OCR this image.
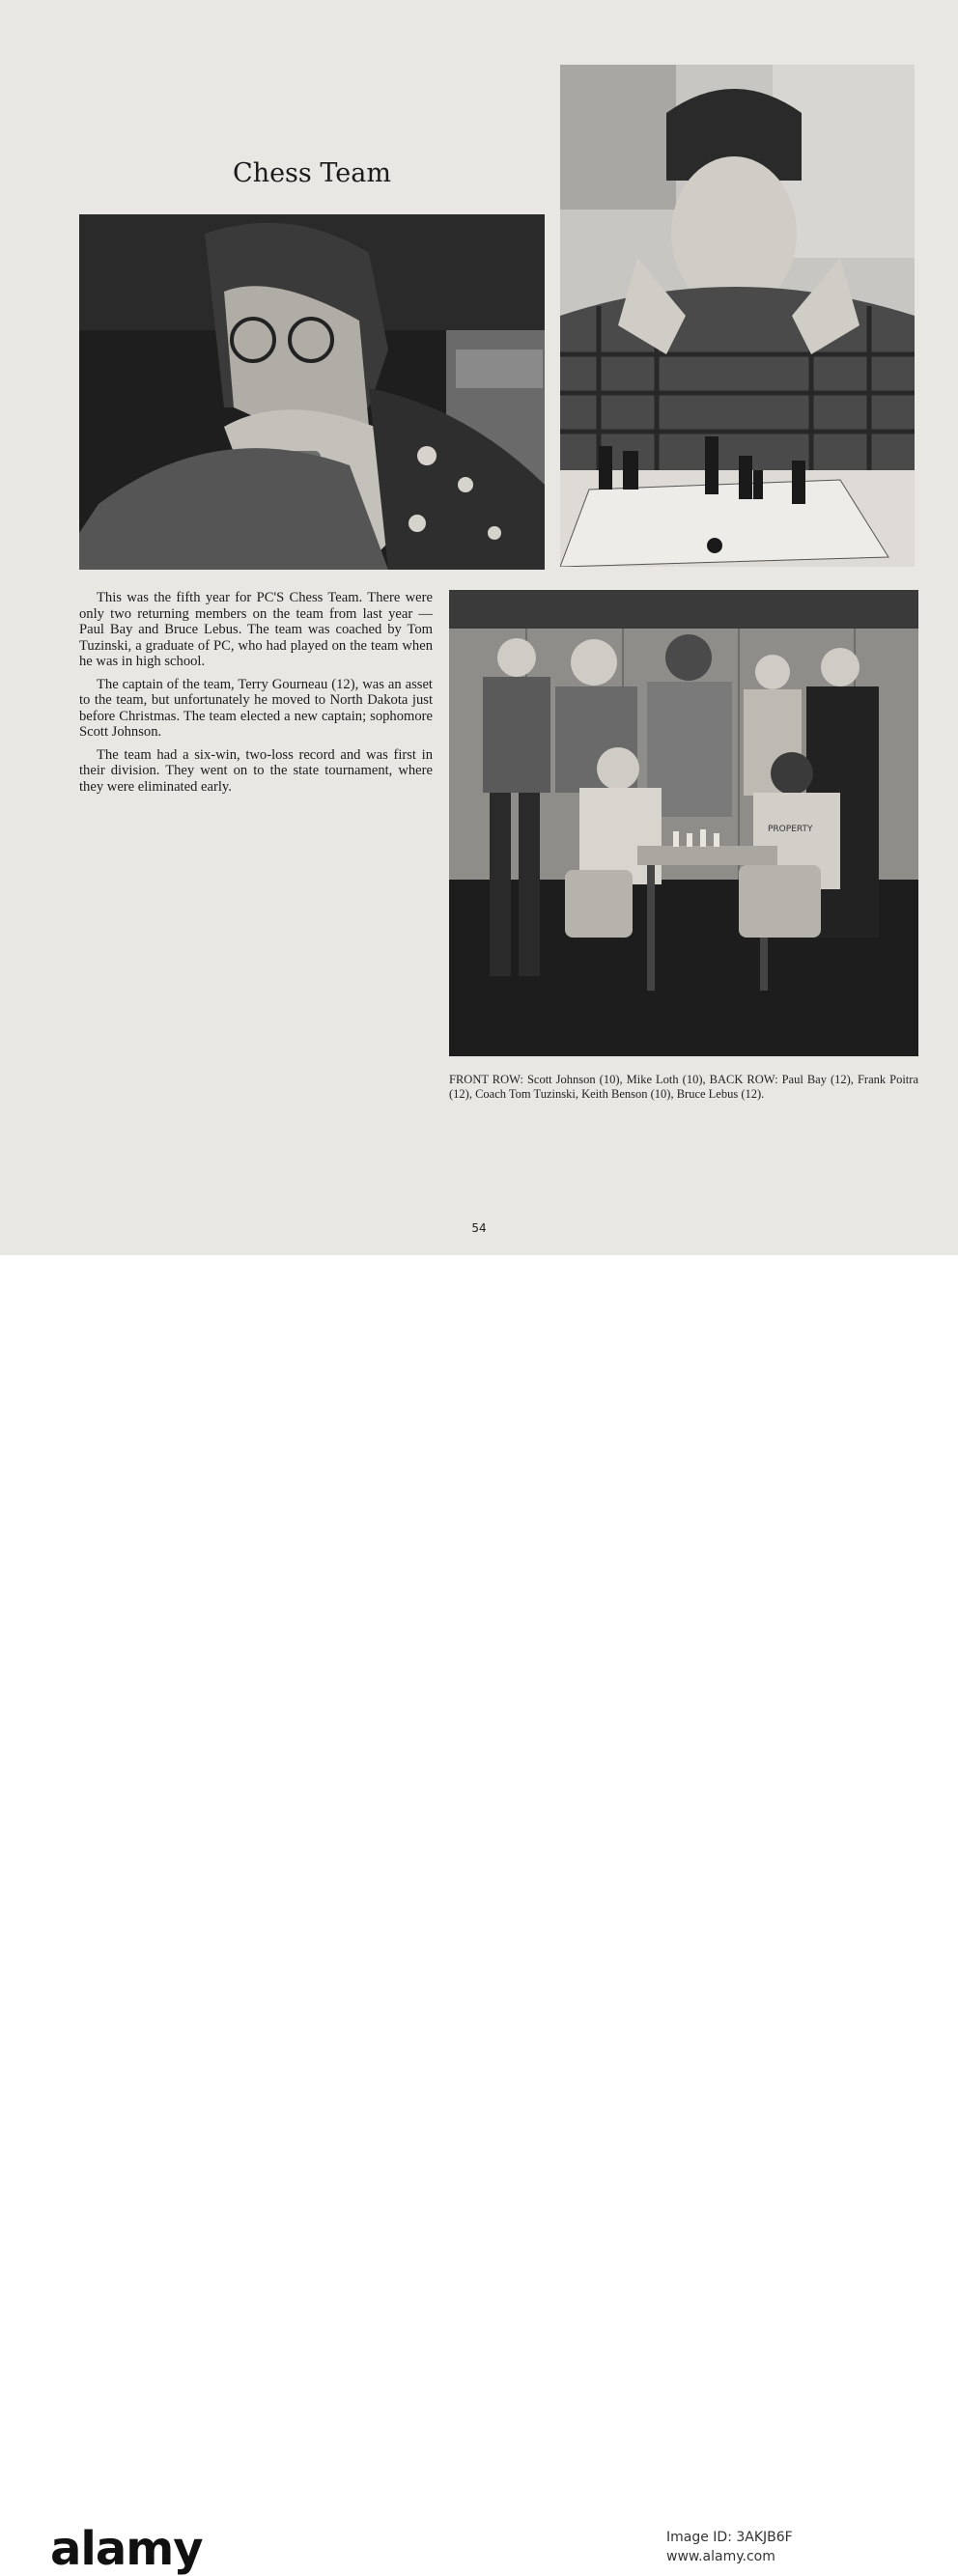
Chess Team

This was the fifth year for PC'S Chess Team. There were only two returning members on the team from last year — Paul Bay and Bruce Lebus. The team was coached by Tom Tuzinski, a graduate of PC, who had played on the team when he was in high school.

The captain of the team, Terry Gourneau (12), was an asset to the team, but unfortunately he moved to North Dakota just before Christmas. The team elected a new captain; sophomore Scott Johnson.

The team had a six-win, two-loss record and was first in their division. They went on to the state tournament, where they were eliminated early.

PROPERTY
FRONT ROW: Scott Johnson (10), Mike Loth (10), BACK ROW: Paul Bay (12), Frank Poitra (12), Coach Tom Tuzinski, Keith Benson (10), Bruce Lebus (12).
54
alamy	Image ID: 3AKJB6F
www.alamy.com
